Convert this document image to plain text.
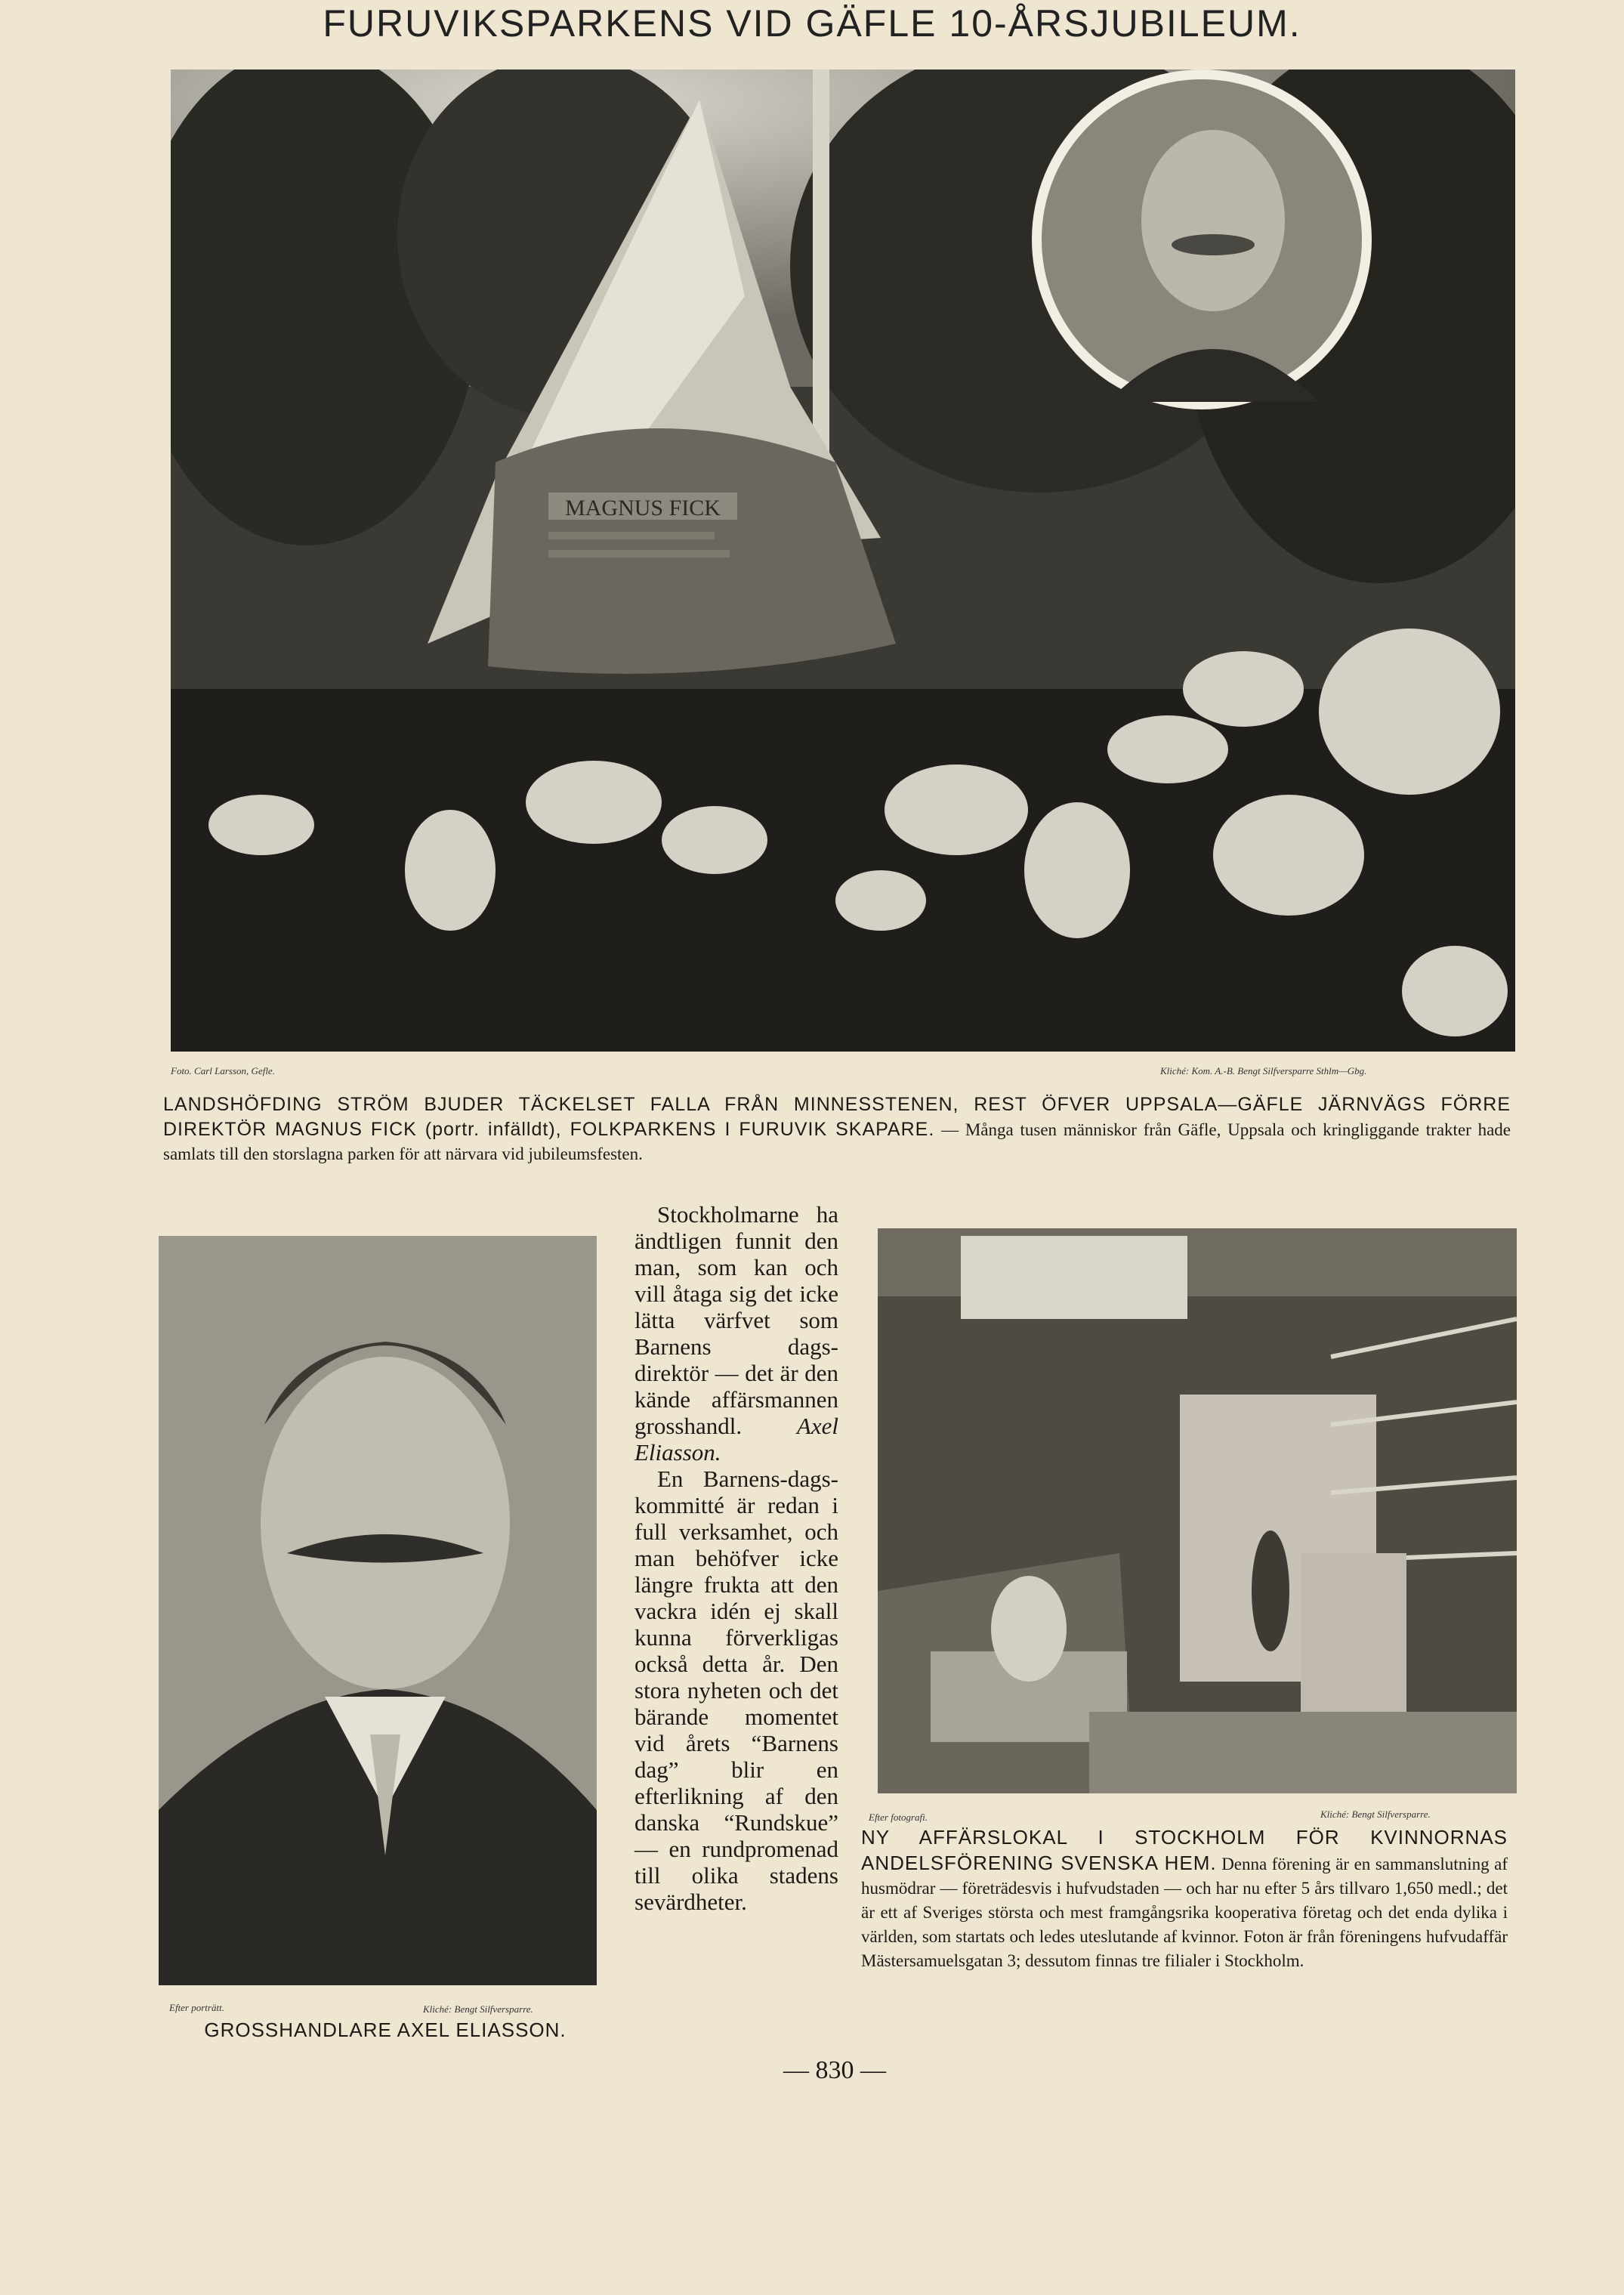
FURUVIKSPARKENS VID GÄFLE 10-ÅRSJUBILEUM.
MAGNUS FICK
Foto. Carl Larsson, Gefle.	Kliché: Kom. A.-B. Bengt Silfversparre Sthlm—Gbg.
LANDSHÖFDING STRÖM BJUDER TÄCKELSET FALLA FRÅN MINNESSTENEN, REST ÖFVER UPPSALA—GÄFLE JÄRNVÄGS FÖRRE DIREKTÖR MAGNUS FICK (portr. infälldt), FOLKPARKENS I FURUVIK SKAPARE. — Många tusen människor från Gäfle, Uppsala och kringliggande trakter hade samlats till den storslagna parken för att närvara vid jubileumsfesten.
Efter porträtt.	Kliché: Bengt Silfversparre.
GROSSHANDLARE AXEL ELIASSON.

Stockholmarne ha ändtligen funnit den man, som kan och vill åtaga sig det icke lätta värfvet som Barnens dags-direktör — det är den kände affärsmannen grosshandl. Axel Eliasson.

En Barnens-dags-kommitté är redan i full verksamhet, och man behöfver icke längre frukta att den vackra idén ej skall kunna förverkligas också detta år. Den stora nyheten och det bärande momentet vid årets “Barnens dag” blir en efterlikning af den danska “Rundskue” — en rundpromenad till olika stadens sevärdheter.

Efter fotografi.	Kliché: Bengt Silfversparre.
NY AFFÄRSLOKAL I STOCKHOLM FÖR KVINNORNAS ANDELSFÖRENING SVENSKA HEM. Denna förening är en sammanslutning af husmödrar — företrädesvis i hufvudstaden — och har nu efter 5 års tillvaro 1,650 medl.; det är ett af Sveriges största och mest framgångsrika kooperativa företag och det enda dylika i världen, som startats och ledes uteslutande af kvinnor. Foton är från föreningens hufvudaffär Mästersamuelsgatan 3; dessutom finnas tre filialer i Stockholm.
— 830 —
